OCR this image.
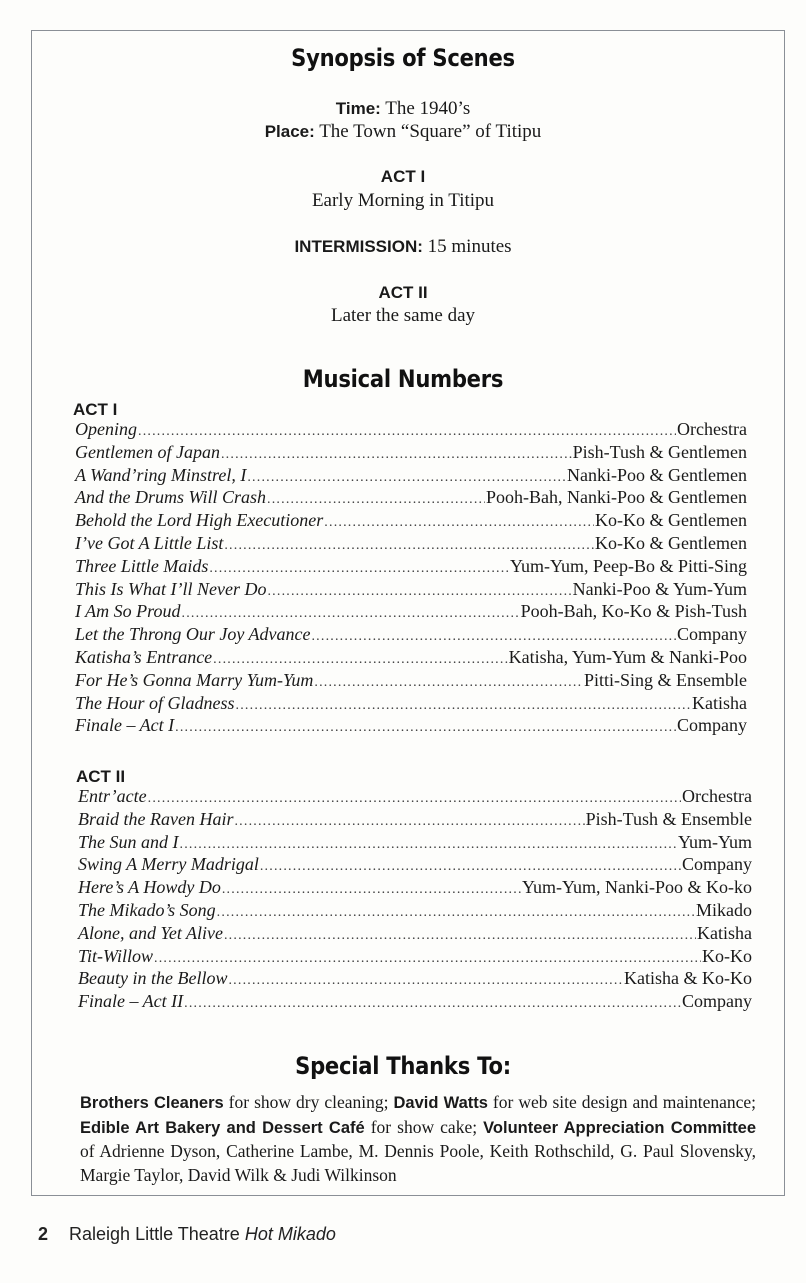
Synopsis of Scenes
Time: The 1940’s
Place: The Town “Square” of Titipu
ACT I
Early Morning in Titipu
INTERMISSION: 15 minutes
ACT II
Later the same day
Musical Numbers
ACT I
Opening .....	Orchestra
Gentlemen of Japan .....	Pish-Tush & Gentlemen
A Wand’ring Minstrel, I .....	Nanki-Poo & Gentlemen
And the Drums Will Crash .....	Pooh-Bah, Nanki-Poo & Gentlemen
Behold the Lord High Executioner .....	Ko-Ko & Gentlemen
I’ve Got A Little List .....	Ko-Ko & Gentlemen
Three Little Maids .....	Yum-Yum, Peep-Bo & Pitti-Sing
This Is What I’ll Never Do .....	Nanki-Poo & Yum-Yum
I Am So Proud .....	Pooh-Bah, Ko-Ko & Pish-Tush
Let the Throng Our Joy Advance .....	Company
Katisha’s Entrance .....	Katisha, Yum-Yum & Nanki-Poo
For He’s Gonna Marry Yum-Yum .....	Pitti-Sing & Ensemble
The Hour of Gladness .....	Katisha
Finale – Act I .....	Company
ACT II
Entr’acte .....	Orchestra
Braid the Raven Hair .....	Pish-Tush & Ensemble
The Sun and I .....	Yum-Yum
Swing A Merry Madrigal .....	Company
Here’s A Howdy Do .....	Yum-Yum, Nanki-Poo & Ko-ko
The Mikado’s Song .....	Mikado
Alone, and Yet Alive .....	Katisha
Tit-Willow .....	Ko-Ko
Beauty in the Bellow .....	Katisha & Ko-Ko
Finale – Act II .....	Company
Special Thanks To:
Brothers Cleaners for show dry cleaning; David Watts for web site design and maintenance; Edible Art Bakery and Dessert Café for show cake; Volunteer Appreciation Committee of Adrienne Dyson, Catherine Lambe, M. Dennis Poole, Keith Rothschild, G. Paul Slovensky, Margie Taylor, David Wilk & Judi Wilkinson
2 Raleigh Little Theatre Hot Mikado
